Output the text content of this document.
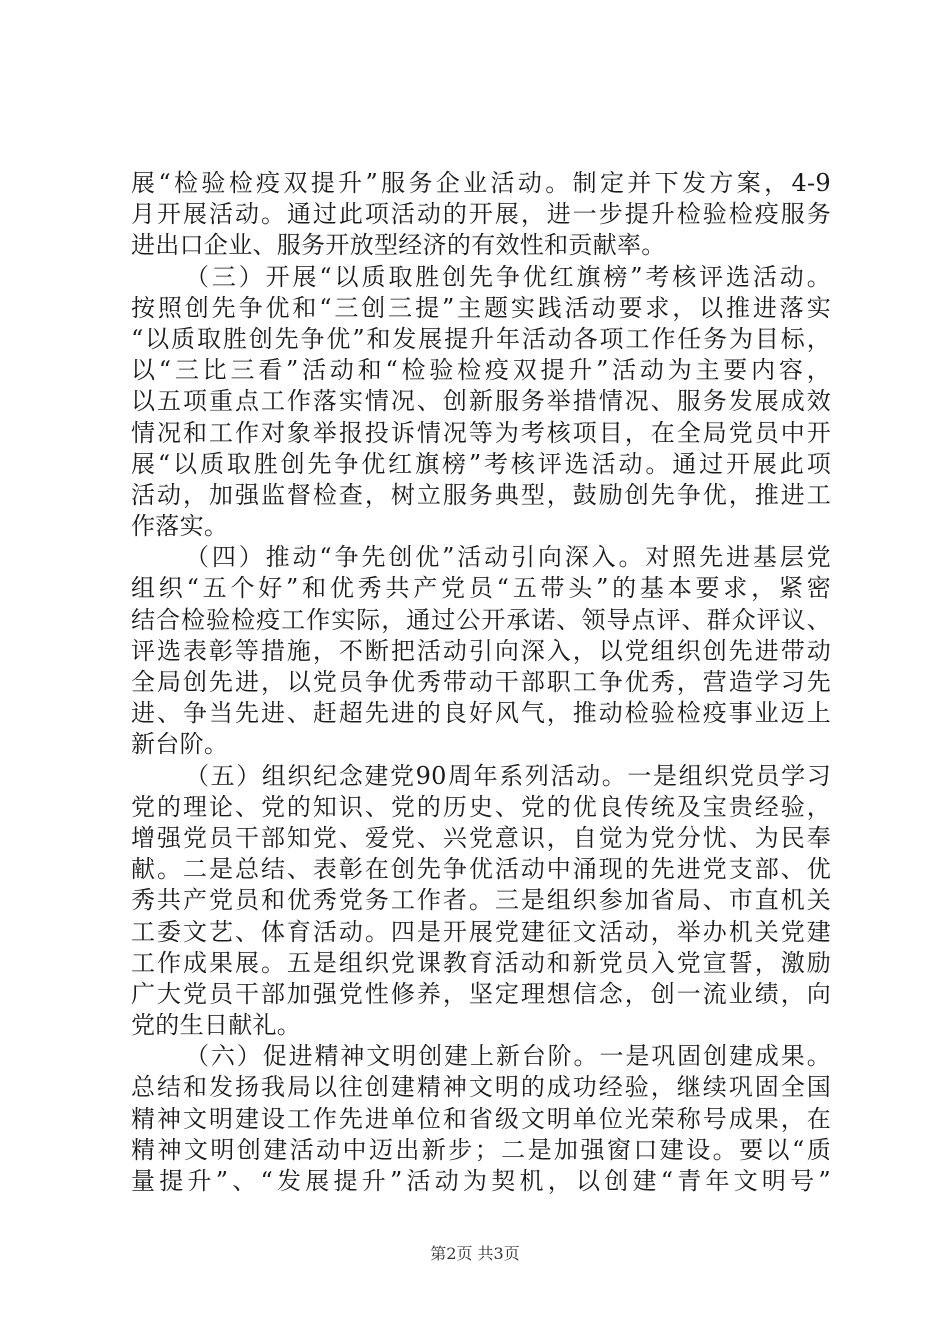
展“检验检疫双提升”服务企业活动。制定并下发方案，4-9
月开展活动。通过此项活动的开展，进一步提升检验检疫服务
进出口企业、服务开放型经济的有效性和贡献率。
（三）开展“以质取胜创先争优红旗榜”考核评选活动。
按照创先争优和“三创三提”主题实践活动要求，以推进落实
“以质取胜创先争优”和发展提升年活动各项工作任务为目标，
以“三比三看”活动和“检验检疫双提升”活动为主要内容，
以五项重点工作落实情况、创新服务举措情况、服务发展成效
情况和工作对象举报投诉情况等为考核项目，在全局党员中开
展“以质取胜创先争优红旗榜”考核评选活动。通过开展此项
活动，加强监督检查，树立服务典型，鼓励创先争优，推进工
作落实。
（四）推动“争先创优”活动引向深入。对照先进基层党
组织“五个好”和优秀共产党员“五带头”的基本要求，紧密
结合检验检疫工作实际，通过公开承诺、领导点评、群众评议、
评选表彰等措施，不断把活动引向深入，以党组织创先进带动
全局创先进，以党员争优秀带动干部职工争优秀，营造学习先
进、争当先进、赶超先进的良好风气，推动检验检疫事业迈上
新台阶。
（五）组织纪念建党90周年系列活动。一是组织党员学习
党的理论、党的知识、党的历史、党的优良传统及宝贵经验，
增强党员干部知党、爱党、兴党意识，自觉为党分忧、为民奉
献。二是总结、表彰在创先争优活动中涌现的先进党支部、优
秀共产党员和优秀党务工作者。三是组织参加省局、市直机关
工委文艺、体育活动。四是开展党建征文活动，举办机关党建
工作成果展。五是组织党课教育活动和新党员入党宣誓，激励
广大党员干部加强党性修养，坚定理想信念，创一流业绩，向
党的生日献礼。
（六）促进精神文明创建上新台阶。一是巩固创建成果。
总结和发扬我局以往创建精神文明的成功经验，继续巩固全国
精神文明建设工作先进单位和省级文明单位光荣称号成果，在
精神文明创建活动中迈出新步；二是加强窗口建设。要以“质
量提升”、“发展提升”活动为契机，以创建“青年文明号”
第2页 共3页
